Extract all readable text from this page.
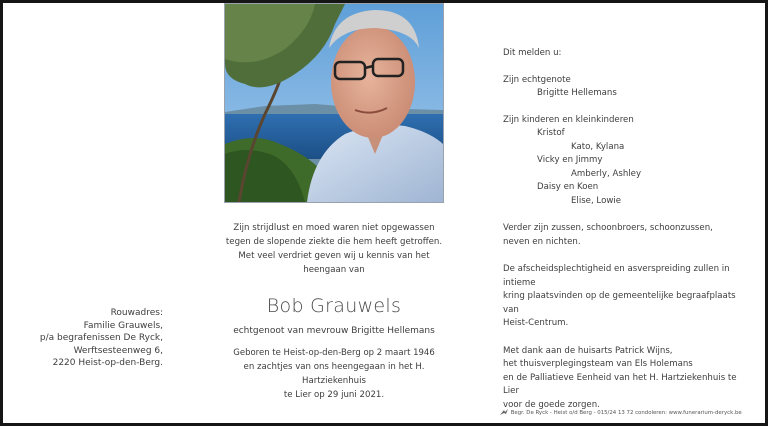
Rouwadres:
Familie Grauwels,
p/a begrafenissen De Ryck,
Werftsesteenweg 6,
2220 Heist-op-den-Berg.
Zijn strijdlust en moed waren niet opgewassen
tegen de slopende ziekte die hem heeft getroffen.
Met veel verdriet geven wij u kennis van het heengaan van
Bob Grauwels
echtgenoot van mevrouw Brigitte Hellemans
Geboren te Heist-op-den-Berg op 2 maart 1946
en zachtjes van ons heengegaan in het H. Hartziekenhuis
te Lier op 29 juni 2021.
Dit melden u:
Zijn echtgenote
Brigitte Hellemans
Zijn kinderen en kleinkinderen
Kristof
Kato, Kylana
Vicky en Jimmy
Amberly, Ashley
Daisy en Koen
Elise, Lowie
Verder zijn zussen, schoonbroers, schoonzussen,
neven en nichten.
De afscheidsplechtigheid en asverspreiding zullen in intieme
kring plaatsvinden op de gemeentelijke begraafplaats van
Heist-Centrum.
Met dank aan de huisarts Patrick Wijns,
het thuisverplegingsteam van Els Holemans
en de Palliatieve Eenheid van het H. Hartziekenhuis te Lier
voor de goede zorgen.
Begr. De Ryck - Heist o/d Berg - 015/24 13 72 condoleren: www.funerarium-deryck.be
